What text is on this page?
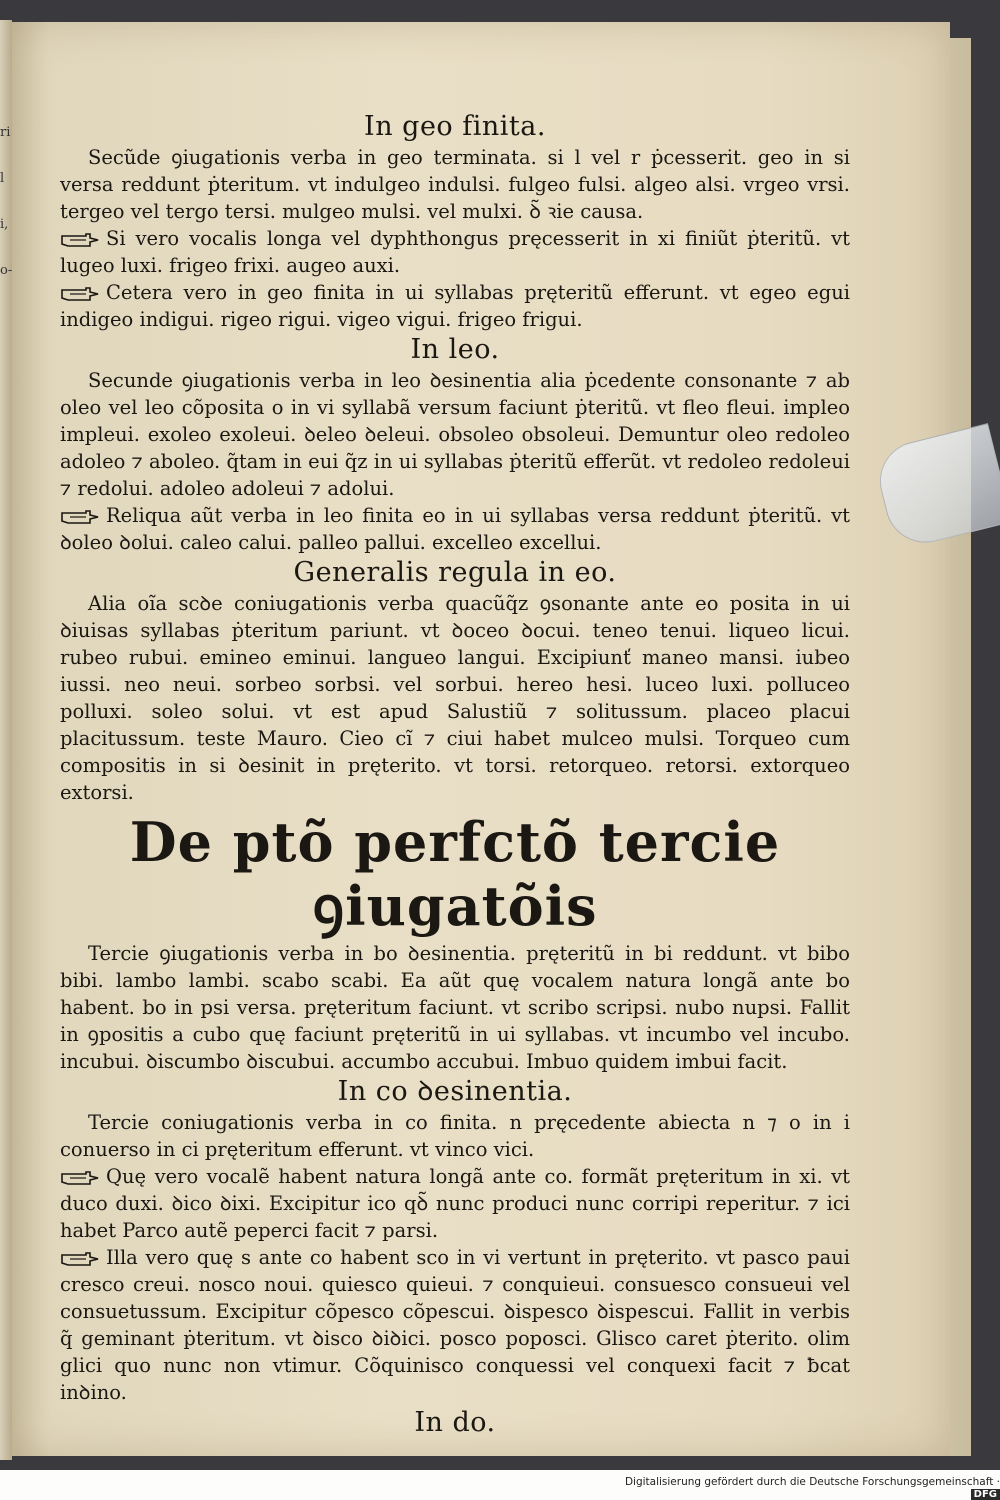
ri
l
i,
o-

In geo finita.

Secũde ꝯiugationis verba in geo terminata. si l vel r ṗcesserit. geo in si versa reddunt ṗteritum. vt indulgeo indulsi. fulgeo fulsi. algeo alsi. vrgeo vrsi. tergeo vel tergo tersi. mulgeo mulsi. vel mulxi. ꝺ̃ ꝛie causa.

Si vero vocalis longa vel dyphthongus pręcesserit in xi finiũt ṗteritũ. vt lugeo luxi. frigeo frixi. augeo auxi.

Cetera vero in geo finita in ui syllabas pręteritũ efferunt. vt egeo egui indigeo indigui. rigeo rigui. vigeo vigui. frigeo frigui.

In leo.

Secunde ꝯiugationis verba in leo ꝺesinentia alia ṗcedente consonante ⁊ ab oleo vel leo cõposita o in vi syllabã versum faciunt ṗteritũ. vt fleo fleui. impleo impleui. exoleo exoleui. ꝺeleo ꝺeleui. obsoleo obsoleui. Demuntur oleo redoleo adoleo ⁊ aboleo. q̃tam in eui q̃z in ui syllabas ṗteritũ efferũt. vt redoleo redoleui ⁊ redolui. adoleo adoleui ⁊ adolui.

Reliqua aũt verba in leo finita eo in ui syllabas versa reddunt ṗteritũ. vt ꝺoleo ꝺolui. caleo calui. palleo pallui. excelleo excellui.

Generalis regula in eo.

Alia oĩa scꝺe coniugationis verba quacũq̃z ꝯsonante ante eo posita in ui ꝺiuisas syllabas ṗteritum pariunt. vt ꝺoceo ꝺocui. teneo tenui. liqueo licui. rubeo rubui. emineo eminui. langueo langui. Excipiunť maneo mansi. iubeo iussi. neo neui. sorbeo sorbsi. vel sorbui. hereo hesi. luceo luxi. polluceo polluxi. soleo solui. vt est apud Salustiũ ⁊ solitussum. placeo placui placitussum. teste Mauro. Cieo cĩ ⁊ ciui habet mulceo mulsi. Torqueo cum compositis in si ꝺesinit in pręterito. vt torsi. retorqueo. retorsi. extorqueo extorsi.

De ptõ perfctõ tercie ꝯiugatõis

Tercie ꝯiugationis verba in bo ꝺesinentia. pręteritũ in bi reddunt. vt bibo bibi. lambo lambi. scabo scabi. Ea aũt quę vocalem natura longã ante bo habent. bo in psi versa. pręteritum faciunt. vt scribo scripsi. nubo nupsi. Fallit in ꝯpositis a cubo quę faciunt pręteritũ in ui syllabas. vt incumbo vel incubo. incubui. ꝺiscumbo ꝺiscubui. accumbo accubui. Imbuo quidem imbui facit.

In co ꝺesinentia.

Tercie coniugationis verba in co finita. n pręcedente abiecta n ⁊ o in i conuerso in ci pręteritum efferunt. vt vinco vici.

Quę vero vocalẽ habent natura longã ante co. formãt pręteritum in xi. vt duco duxi. ꝺico ꝺixi. Excipitur ico qꝺ̃ nunc produci nunc corripi reperitur. ⁊ ici habet Parco autẽ peperci facit ⁊ parsi.

Illa vero quę s ante co habent sco in vi vertunt in pręterito. vt pasco paui cresco creui. nosco noui. quiesco quieui. ⁊ conquieui. consuesco consueui vel consuetussum. Excipitur cõpesco cõpescui. ꝺispesco ꝺispescui. Fallit in verbis q̃ geminant ṗteritum. vt ꝺisco ꝺiꝺici. posco poposci. Glisco caret ṗterito. olim glici quo nunc non vtimur. Cõquinisco conquessi vel conquexi facit ⁊ ƀcat inꝺino.

In do.

Digitalisierung gefördert durch die Deutsche Forschungsgemeinschaft ·DFG
